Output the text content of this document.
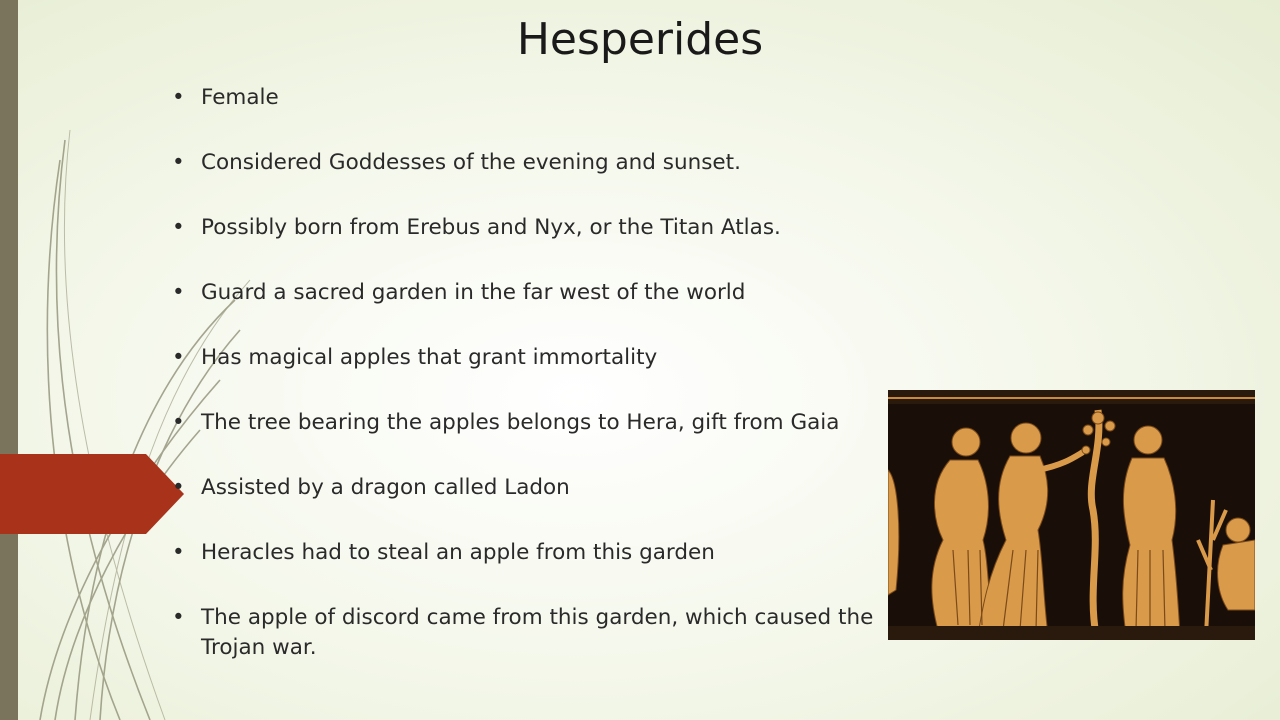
Hesperides
• Female
• Considered Goddesses of the evening and sunset.
• Possibly born from Erebus and Nyx, or the Titan Atlas.
• Guard a sacred garden in the far west of the world
• Has magical apples that grant immortality
• The tree bearing the apples belongs to Hera, gift from Gaia
• Assisted by a dragon called Ladon
• Heracles had to steal an apple from this garden
• The apple of discord came from this garden, which caused the Trojan war.
